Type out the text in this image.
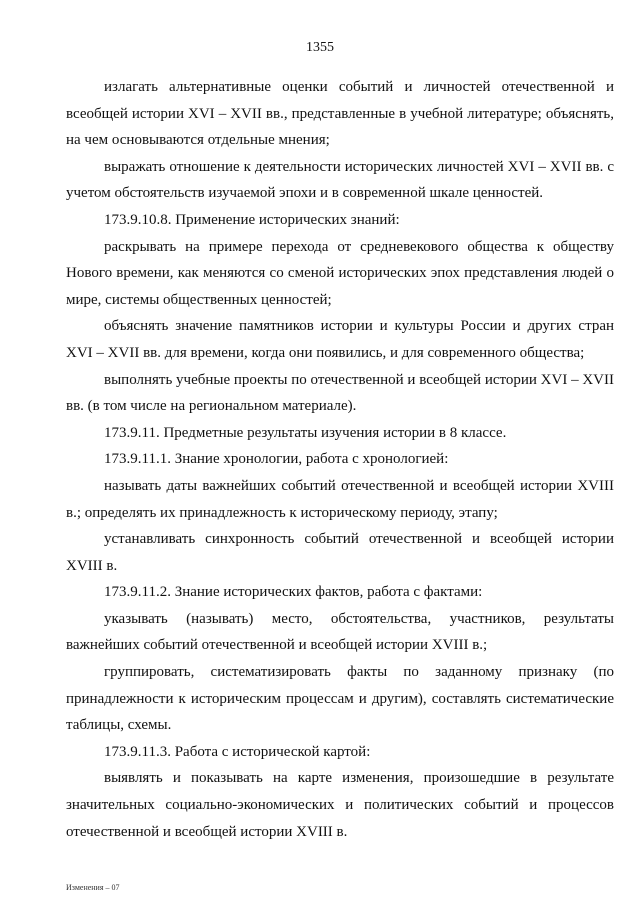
1355

излагать альтернативные оценки событий и личностей отечественной и всеобщей истории XVI – XVII вв., представленные в учебной литературе; объяснять, на чем основываются отдельные мнения;

выражать отношение к деятельности исторических личностей XVI – XVII вв. с учетом обстоятельств изучаемой эпохи и в современной шкале ценностей.

173.9.10.8. Применение исторических знаний:

раскрывать на примере перехода от средневекового общества к обществу Нового времени, как меняются со сменой исторических эпох представления людей о мире, системы общественных ценностей;

объяснять значение памятников истории и культуры России и других стран XVI – XVII вв. для времени, когда они появились, и для современного общества;

выполнять учебные проекты по отечественной и всеобщей истории XVI – XVII вв. (в том числе на региональном материале).

173.9.11. Предметные результаты изучения истории в 8 классе.

173.9.11.1. Знание хронологии, работа с хронологией:

называть даты важнейших событий отечественной и всеобщей истории XVIII в.; определять их принадлежность к историческому периоду, этапу;

устанавливать синхронность событий отечественной и всеобщей истории XVIII в.

173.9.11.2. Знание исторических фактов, работа с фактами:

указывать (называть) место, обстоятельства, участников, результаты важнейших событий отечественной и всеобщей истории XVIII в.;

группировать, систематизировать факты по заданному признаку (по принадлежности к историческим процессам и другим), составлять систематические таблицы, схемы.

173.9.11.3. Работа с исторической картой:

выявлять и показывать на карте изменения, произошедшие в результате значительных социально-экономических и политических событий и процессов отечественной и всеобщей истории XVIII в.

Изменения – 07
